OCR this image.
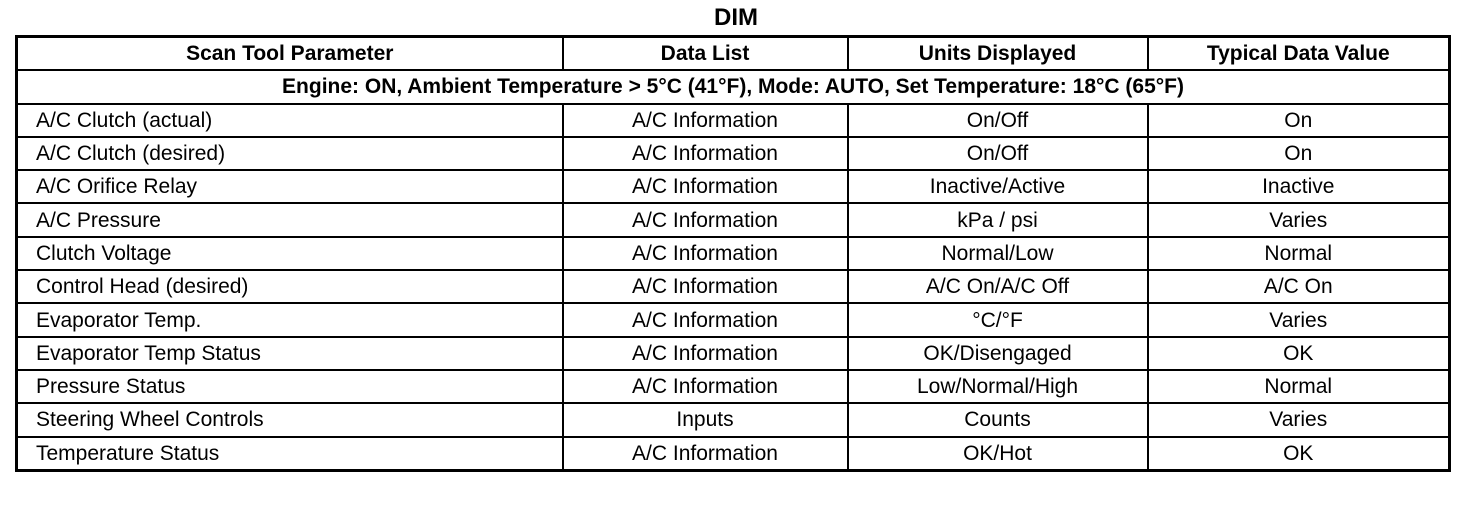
DIM
Scan Tool Parameter	Data List	Units Displayed	Typical Data Value
Engine: ON, Ambient Temperature > 5°C (41°F), Mode: AUTO, Set Temperature: 18°C (65°F)			
A/C Clutch (actual)	A/C Information	On/Off	On
A/C Clutch (desired)	A/C Information	On/Off	On
A/C Orifice Relay	A/C Information	Inactive/Active	Inactive
A/C Pressure	A/C Information	kPa / psi	Varies
Clutch Voltage	A/C Information	Normal/Low	Normal
Control Head (desired)	A/C Information	A/C On/A/C Off	A/C On
Evaporator Temp.	A/C Information	°C/°F	Varies
Evaporator Temp Status	A/C Information	OK/Disengaged	OK
Pressure Status	A/C Information	Low/Normal/High	Normal
Steering Wheel Controls	Inputs	Counts	Varies
Temperature Status	A/C Information	OK/Hot	OK
